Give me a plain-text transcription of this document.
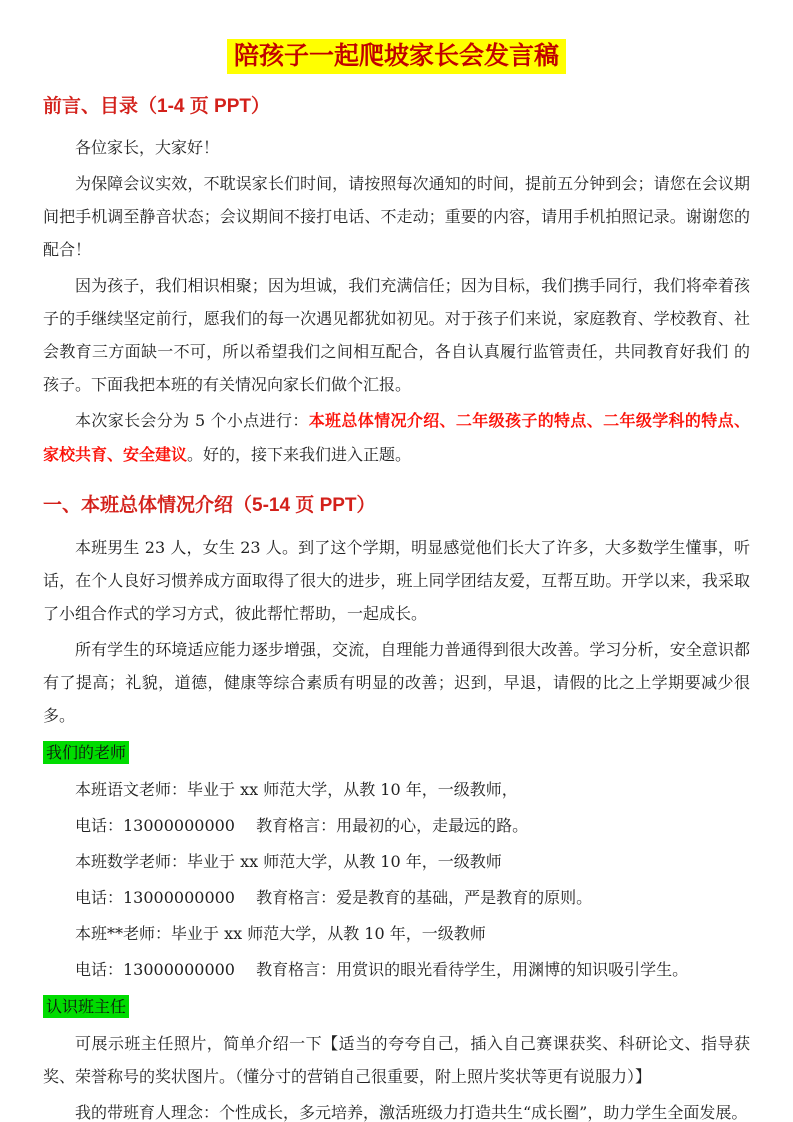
陪孩子一起爬坡家长会发言稿
前言、目录（1-4 页 PPT）

各位家长，大家好！

为保障会议实效，不耽误家长们时间，请按照每次通知的时间，提前五分钟到会；请您在会议期间把手机调至静音状态；会议期间不接打电话、不走动；重要的内容，请用手机拍照记录。谢谢您的配合！

因为孩子，我们相识相聚；因为坦诚，我们充满信任；因为目标，我们携手同行，我们将牵着孩子的手继续坚定前行，愿我们的每一次遇见都犹如初见。对于孩子们来说，家庭教育、学校教育、社会教育三方面缺一不可，所以希望我们之间相互配合，各自认真履行监管责任，共同教育好我们 的孩子。下面我把本班的有关情况向家长们做个汇报。

本次家长会分为 5 个小点进行：本班总体情况介绍、二年级孩子的特点、二年级学科的特点、家校共育、安全建议。好的，接下来我们进入正题。

一、本班总体情况介绍（5-14 页 PPT）

本班男生 23 人，女生 23 人。到了这个学期，明显感觉他们长大了许多，大多数学生懂事，听话，在个人良好习惯养成方面取得了很大的进步，班上同学团结友爱，互帮互助。开学以来，我采取了小组合作式的学习方式，彼此帮忙帮助，一起成长。

所有学生的环境适应能力逐步增强，交流，自理能力普通得到很大改善。学习分析，安全意识都有了提高；礼貌，道德，健康等综合素质有明显的改善；迟到，早退，请假的比之上学期要减少很多。

我们的老师

本班语文老师：毕业于 xx 师范大学，从教 10 年，一级教师，

电话：13000000000　 教育格言：用最初的心，走最远的路。

本班数学老师：毕业于 xx 师范大学，从教 10 年，一级教师

电话：13000000000　 教育格言：爱是教育的基础，严是教育的原则。

本班**老师：毕业于 xx 师范大学，从教 10 年，一级教师

电话：13000000000　 教育格言：用赏识的眼光看待学生，用渊博的知识吸引学生。

认识班主任

可展示班主任照片，简单介绍一下【适当的夸夸自己，插入自己赛课获奖、科研论文、指导获奖、荣誉称号的奖状图片。（懂分寸的营销自己很重要，附上照片奖状等更有说服力）】

我的带班育人理念：个性成长，多元培养，激活班级力打造共生“成长圈”，助力学生全面发展。
